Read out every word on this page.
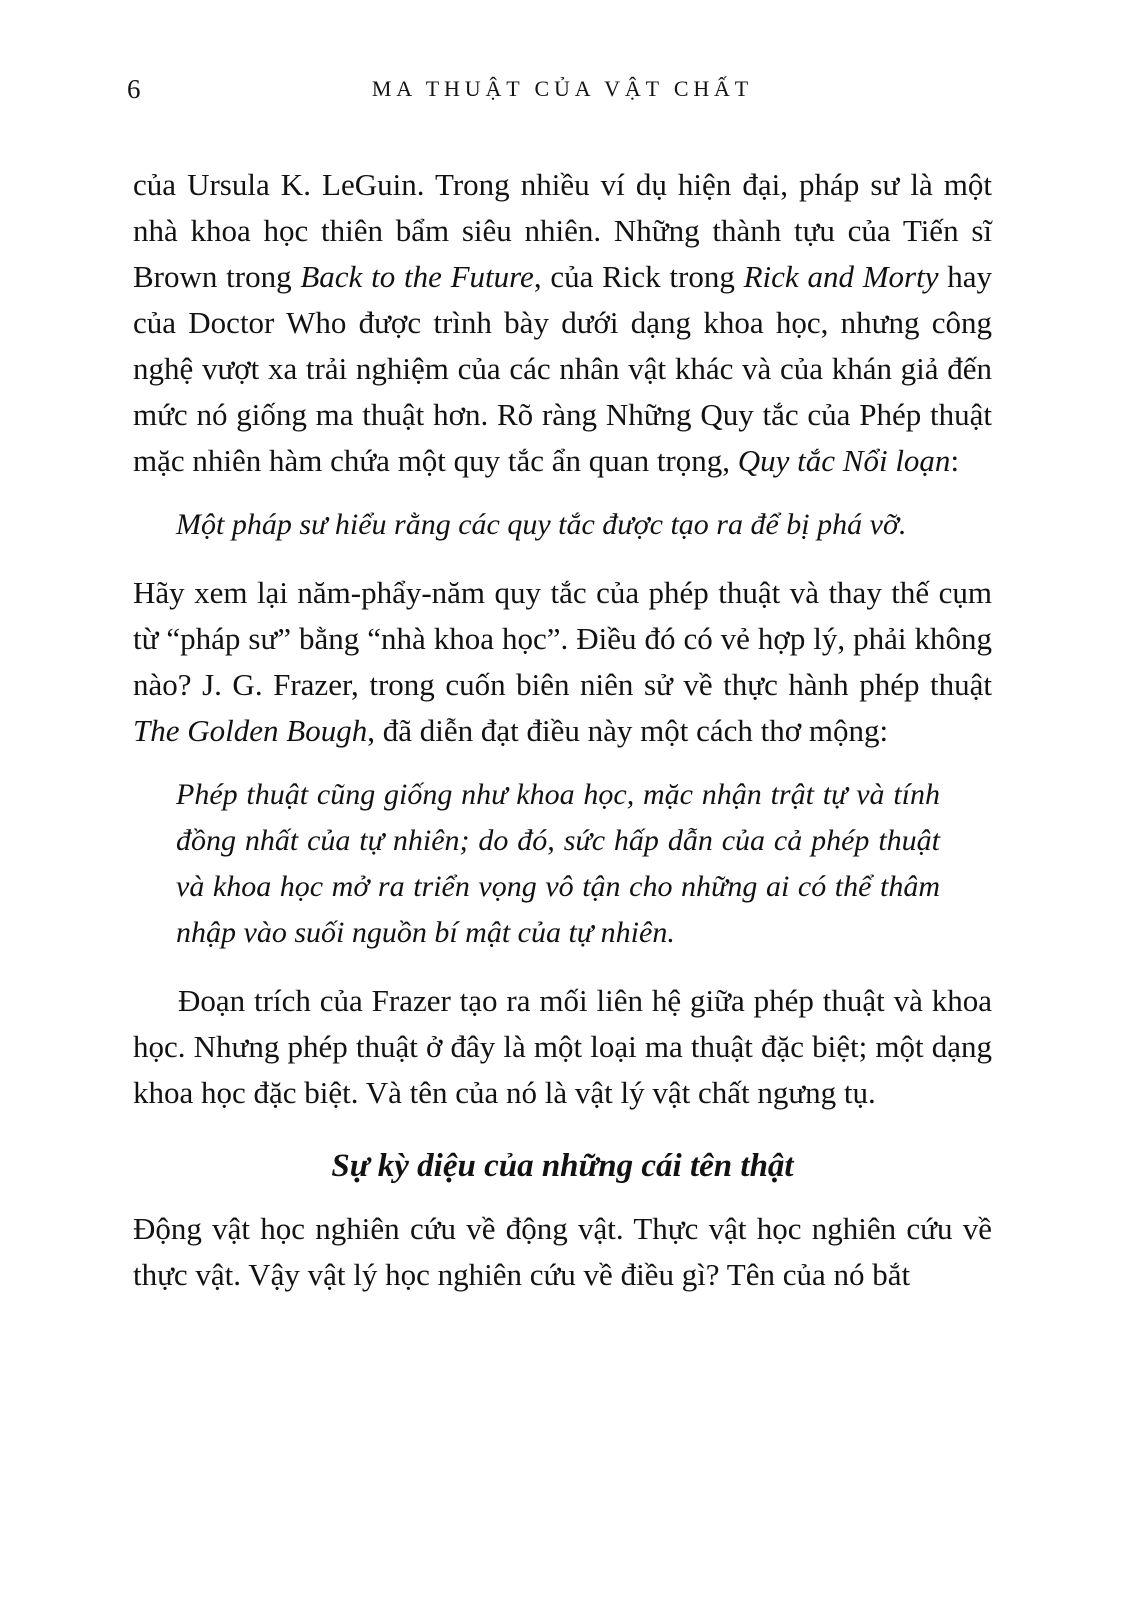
6	MA THUẬT CỦA VẬT CHẤT

của Ursula K. LeGuin. Trong nhiều ví dụ hiện đại, pháp sư là một nhà khoa học thiên bẩm siêu nhiên. Những thành tựu của Tiến sĩ Brown trong Back to the Future, của Rick trong Rick and Morty hay của Doctor Who được trình bày dưới dạng khoa học, nhưng công nghệ vượt xa trải nghiệm của các nhân vật khác và của khán giả đến mức nó giống ma thuật hơn. Rõ ràng Những Quy tắc của Phép thuật mặc nhiên hàm chứa một quy tắc ẩn quan trọng, Quy tắc Nổi loạn:

Một pháp sư hiểu rằng các quy tắc được tạo ra để bị phá vỡ.

Hãy xem lại năm-phẩy-năm quy tắc của phép thuật và thay thế cụm từ “pháp sư” bằng “nhà khoa học”. Điều đó có vẻ hợp lý, phải không nào? J. G. Frazer, trong cuốn biên niên sử về thực hành phép thuật The Golden Bough, đã diễn đạt điều này một cách thơ mộng:

Phép thuật cũng giống như khoa học, mặc nhận trật tự và tính đồng nhất của tự nhiên; do đó, sức hấp dẫn của cả phép thuật và khoa học mở ra triển vọng vô tận cho những ai có thể thâm nhập vào suối nguồn bí mật của tự nhiên.

Đoạn trích của Frazer tạo ra mối liên hệ giữa phép thuật và khoa học. Nhưng phép thuật ở đây là một loại ma thuật đặc biệt; một dạng khoa học đặc biệt. Và tên của nó là vật lý vật chất ngưng tụ.

Sự kỳ diệu của những cái tên thật

Động vật học nghiên cứu về động vật. Thực vật học nghiên cứu về thực vật. Vậy vật lý học nghiên cứu về điều gì? Tên của nó bắt
